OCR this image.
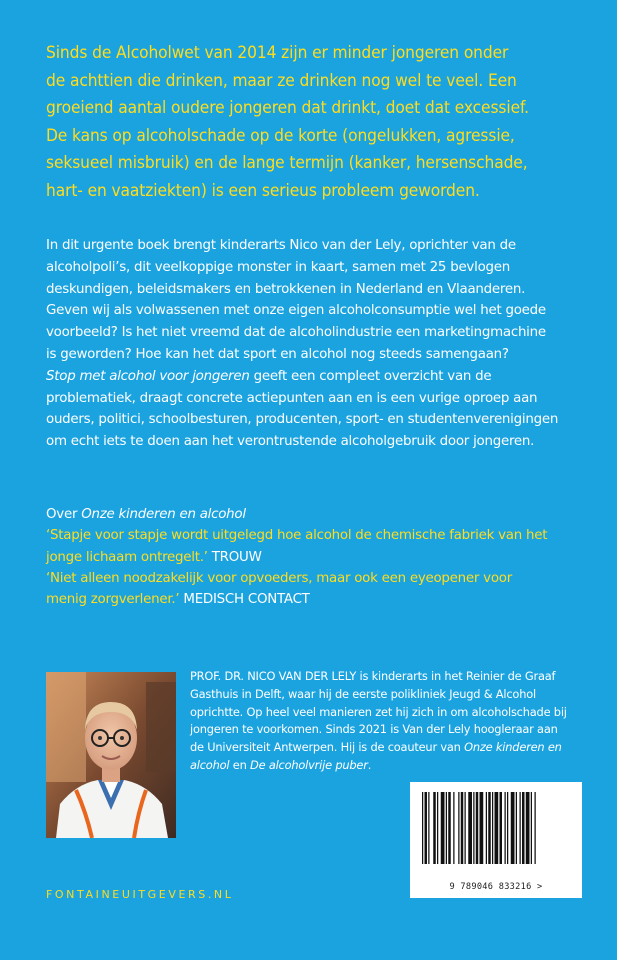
Sinds de Alcoholwet van 2014 zijn er minder jongeren onder
de achttien die drinken, maar ze drinken nog wel te veel. Een
groeiend aantal oudere jongeren dat drinkt, doet dat excessief.
De kans op alcoholschade op de korte (ongelukken, agressie,
seksueel misbruik) en de lange termijn (kanker, hersenschade,
hart- en vaatziekten) is een serieus probleem geworden.
In dit urgente boek brengt kinderarts Nico van der Lely, oprichter van de
alcoholpoli’s, dit veelkoppige monster in kaart, samen met 25 bevlogen
deskundigen, beleidsmakers en betrokkenen in Nederland en Vlaanderen.
Geven wij als volwassenen met onze eigen alcoholconsumptie wel het goede
voorbeeld? Is het niet vreemd dat de alcoholindustrie een marketingmachine
is geworden? Hoe kan het dat sport en alcohol nog steeds samengaan?
Stop met alcohol voor jongeren geeft een compleet overzicht van de
problematiek, draagt concrete actiepunten aan en is een vurige oproep aan
ouders, politici, schoolbesturen, producenten, sport- en studentenverenigingen
om echt iets te doen aan het verontrustende alcoholgebruik door jongeren.
Over Onze kinderen en alcohol
‘Stapje voor stapje wordt uitgelegd hoe alcohol de chemische fabriek van het
jonge lichaam ontregelt.’ TROUW
‘Niet alleen noodzakelijk voor opvoeders, maar ook een eyeopener voor
menig zorgverlener.’ MEDISCH CONTACT
PROF. DR. NICO VAN DER LELY is kinderarts in het Reinier de Graaf
Gasthuis in Delft, waar hij de eerste polikliniek Jeugd & Alcohol
oprichtte. Op heel veel manieren zet hij zich in om alcoholschade bij
jongeren te voorkomen. Sinds 2021 is Van der Lely hoogleraar aan
de Universiteit Antwerpen. Hij is de coauteur van Onze kinderen en
alcohol en De alcoholvrije puber.
9 789046 833216 >
FONTAINEUITGEVERS.NL
